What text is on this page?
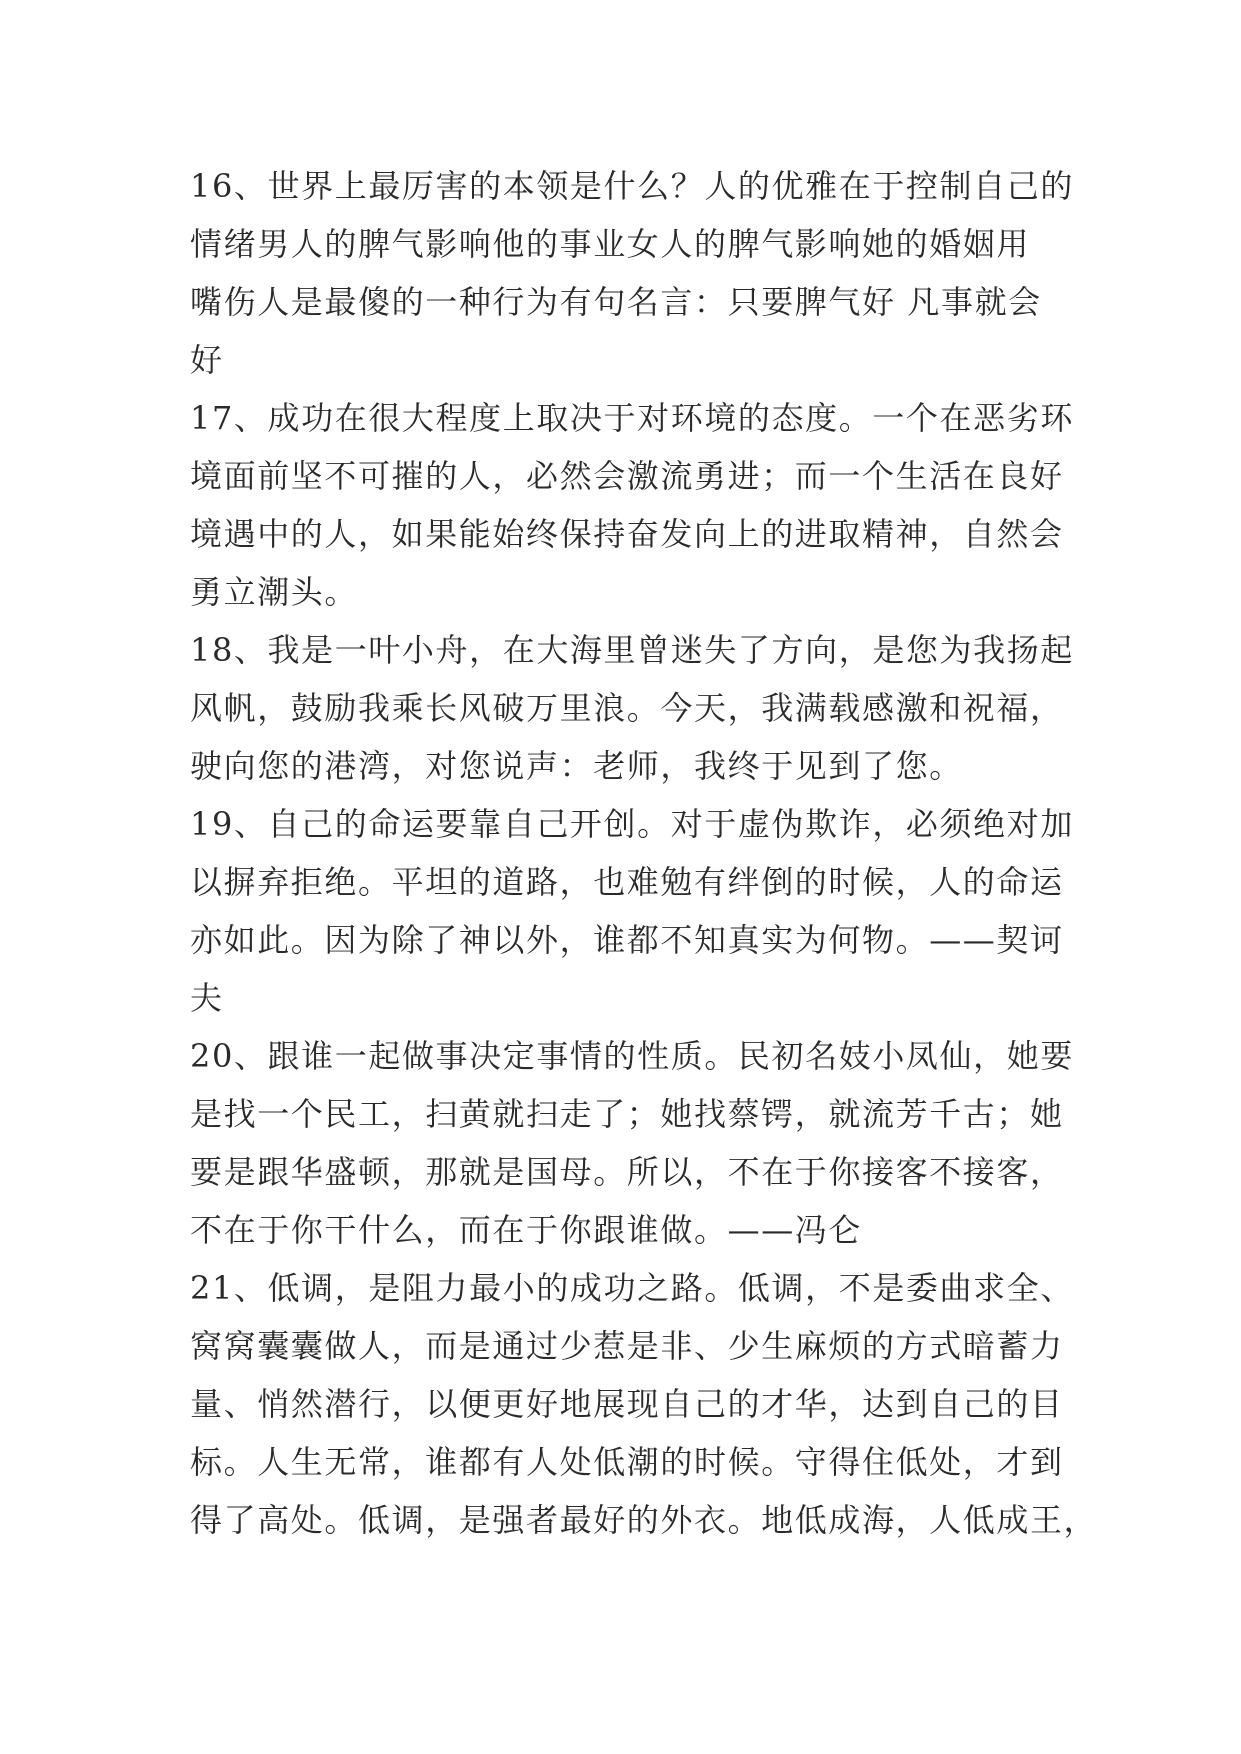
16、世界上最厉害的本领是什么？人的优雅在于控制自己的
情绪男人的脾气影响他的事业女人的脾气影响她的婚姻用
嘴伤人是最傻的一种行为有句名言：只要脾气好 凡事就会
好
17、成功在很大程度上取决于对环境的态度。一个在恶劣环
境面前坚不可摧的人，必然会激流勇进；而一个生活在良好
境遇中的人，如果能始终保持奋发向上的进取精神，自然会
勇立潮头。
18、我是一叶小舟，在大海里曾迷失了方向，是您为我扬起
风帆，鼓励我乘长风破万里浪。今天，我满载感激和祝福，
驶向您的港湾，对您说声：老师，我终于见到了您。
19、自己的命运要靠自己开创。对于虚伪欺诈，必须绝对加
以摒弃拒绝。平坦的道路，也难勉有绊倒的时候，人的命运
亦如此。因为除了神以外，谁都不知真实为何物。——契诃
夫
20、跟谁一起做事决定事情的性质。民初名妓小凤仙，她要
是找一个民工，扫黄就扫走了；她找蔡锷，就流芳千古；她
要是跟华盛顿，那就是国母。所以，不在于你接客不接客，
不在于你干什么，而在于你跟谁做。——冯仑
21、低调，是阻力最小的成功之路。低调，不是委曲求全、
窝窝囊囊做人，而是通过少惹是非、少生麻烦的方式暗蓄力
量、悄然潜行，以便更好地展现自己的才华，达到自己的目
标。人生无常，谁都有人处低潮的时候。守得住低处，才到
得了高处。低调，是强者最好的外衣。地低成海，人低成王，
